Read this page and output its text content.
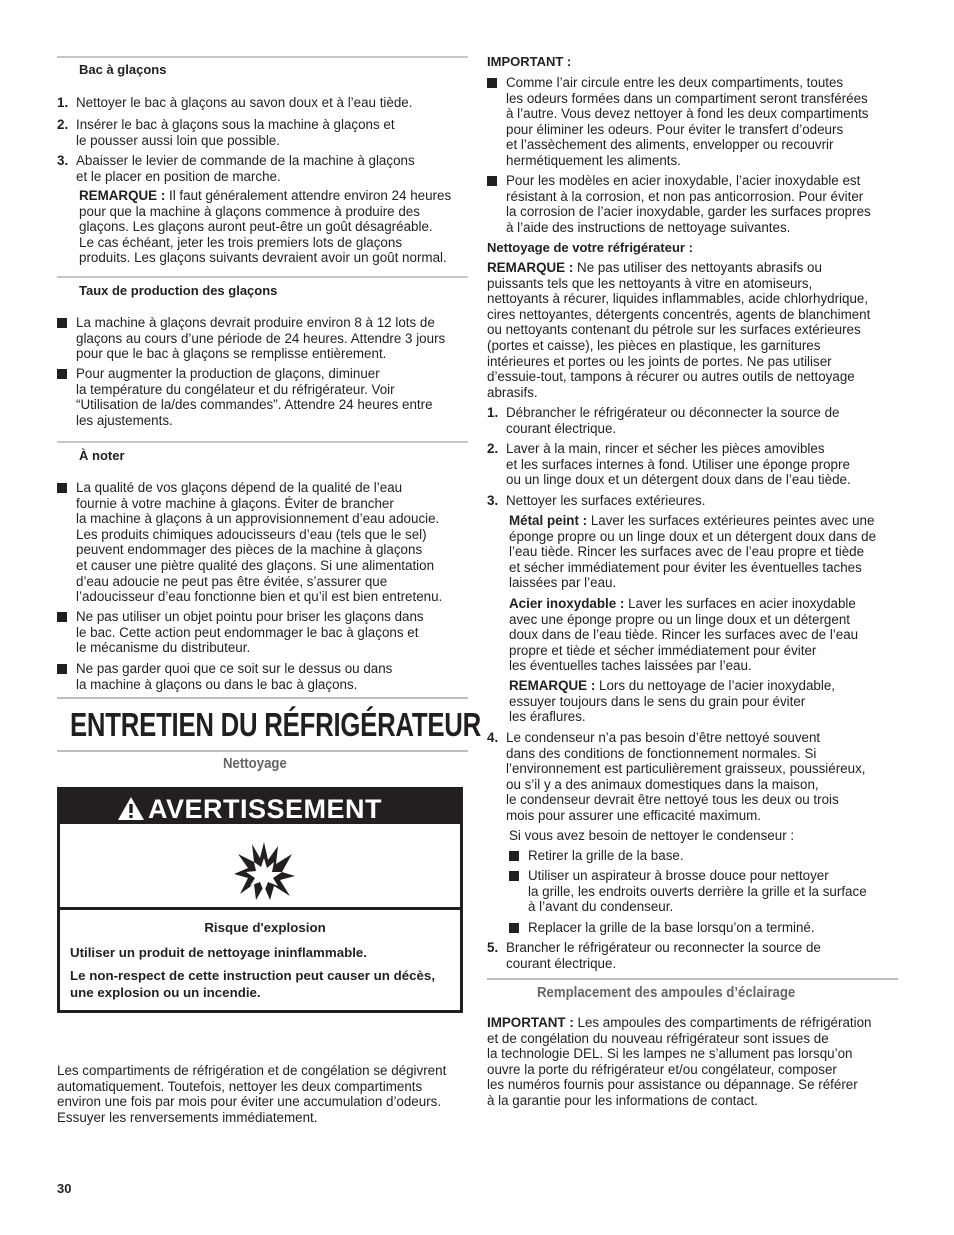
Bac à glaçons
1. Nettoyer le bac à glaçons au savon doux et à l’eau tiède.
2. Insérer le bac à glaçons sous la machine à glaçons et
le pousser aussi loin que possible.
3. Abaisser le levier de commande de la machine à glaçons
et le placer en position de marche.
REMARQUE : Il faut généralement attendre environ 24 heures
pour que la machine à glaçons commence à produire des
glaçons. Les glaçons auront peut-être un goût désagréable.
Le cas échéant, jeter les trois premiers lots de glaçons
produits. Les glaçons suivants devraient avoir un goût normal.
Taux de production des glaçons
La machine à glaçons devrait produire environ 8 à 12 lots de
glaçons au cours d’une période de 24 heures. Attendre 3 jours
pour que le bac à glaçons se remplisse entièrement.
Pour augmenter la production de glaçons, diminuer
la température du congélateur et du réfrigérateur. Voir
“Utilisation de la/des commandes”. Attendre 24 heures entre
les ajustements.
À noter
La qualité de vos glaçons dépend de la qualité de l’eau
fournie à votre machine à glaçons. Éviter de brancher
la machine à glaçons à un approvisionnement d’eau adoucie.
Les produits chimiques adoucisseurs d’eau (tels que le sel)
peuvent endommager des pièces de la machine à glaçons
et causer une piètre qualité des glaçons. Si une alimentation
d’eau adoucie ne peut pas être évitée, s’assurer que
l’adoucisseur d’eau fonctionne bien et qu’il est bien entretenu.
Ne pas utiliser un objet pointu pour briser les glaçons dans
le bac. Cette action peut endommager le bac à glaçons et
le mécanisme du distributeur.
Ne pas garder quoi que ce soit sur le dessus ou dans
la machine à glaçons ou dans le bac à glaçons.
ENTRETIEN DU RÉFRIGÉRATEUR
Nettoyage
AVERTISSEMENT
Risque d'explosion
Utiliser un produit de nettoyage ininflammable.
Le non-respect de cette instruction peut causer un décès,
une explosion ou un incendie.
Les compartiments de réfrigération et de congélation se dégivrent
automatiquement. Toutefois, nettoyer les deux compartiments
environ une fois par mois pour éviter une accumulation d’odeurs.
Essuyer les renversements immédiatement.
IMPORTANT :
Comme l’air circule entre les deux compartiments, toutes
les odeurs formées dans un compartiment seront transférées
à l’autre. Vous devez nettoyer à fond les deux compartiments
pour éliminer les odeurs. Pour éviter le transfert d’odeurs
et l’assèchement des aliments, envelopper ou recouvrir
hermétiquement les aliments.
Pour les modèles en acier inoxydable, l’acier inoxydable est
résistant à la corrosion, et non pas anticorrosion. Pour éviter
la corrosion de l’acier inoxydable, garder les surfaces propres
à l’aide des instructions de nettoyage suivantes.
Nettoyage de votre réfrigérateur :
REMARQUE : Ne pas utiliser des nettoyants abrasifs ou
puissants tels que les nettoyants à vitre en atomiseurs,
nettoyants à récurer, liquides inflammables, acide chlorhydrique,
cires nettoyantes, détergents concentrés, agents de blanchiment
ou nettoyants contenant du pétrole sur les surfaces extérieures
(portes et caisse), les pièces en plastique, les garnitures
intérieures et portes ou les joints de portes. Ne pas utiliser
d’essuie-tout, tampons à récurer ou autres outils de nettoyage
abrasifs.
1. Débrancher le réfrigérateur ou déconnecter la source de
courant électrique.
2. Laver à la main, rincer et sécher les pièces amovibles
et les surfaces internes à fond. Utiliser une éponge propre
ou un linge doux et un détergent doux dans de l’eau tiède.
3. Nettoyer les surfaces extérieures.
Métal peint : Laver les surfaces extérieures peintes avec une
éponge propre ou un linge doux et un détergent doux dans de
l’eau tiède. Rincer les surfaces avec de l’eau propre et tiède
et sécher immédiatement pour éviter les éventuelles taches
laissées par l’eau.
Acier inoxydable : Laver les surfaces en acier inoxydable
avec une éponge propre ou un linge doux et un détergent
doux dans de l’eau tiède. Rincer les surfaces avec de l’eau
propre et tiède et sécher immédiatement pour éviter
les éventuelles taches laissées par l’eau.
REMARQUE : Lors du nettoyage de l’acier inoxydable,
essuyer toujours dans le sens du grain pour éviter
les éraflures.
4. Le condenseur n’a pas besoin d’être nettoyé souvent
dans des conditions de fonctionnement normales. Si
l’environnement est particulièrement graisseux, poussiéreux,
ou s’il y a des animaux domestiques dans la maison,
le condenseur devrait être nettoyé tous les deux ou trois
mois pour assurer une efficacité maximum.
Si vous avez besoin de nettoyer le condenseur :
Retirer la grille de la base.
Utiliser un aspirateur à brosse douce pour nettoyer
la grille, les endroits ouverts derrière la grille et la surface
à l’avant du condenseur.
Replacer la grille de la base lorsqu’on a terminé.
5. Brancher le réfrigérateur ou reconnecter la source de
courant électrique.
Remplacement des ampoules d’éclairage
IMPORTANT : Les ampoules des compartiments de réfrigération
et de congélation du nouveau réfrigérateur sont issues de
la technologie DEL. Si les lampes ne s’allument pas lorsqu’on
ouvre la porte du réfrigérateur et/ou congélateur, composer
les numéros fournis pour assistance ou dépannage. Se référer
à la garantie pour les informations de contact.
30
